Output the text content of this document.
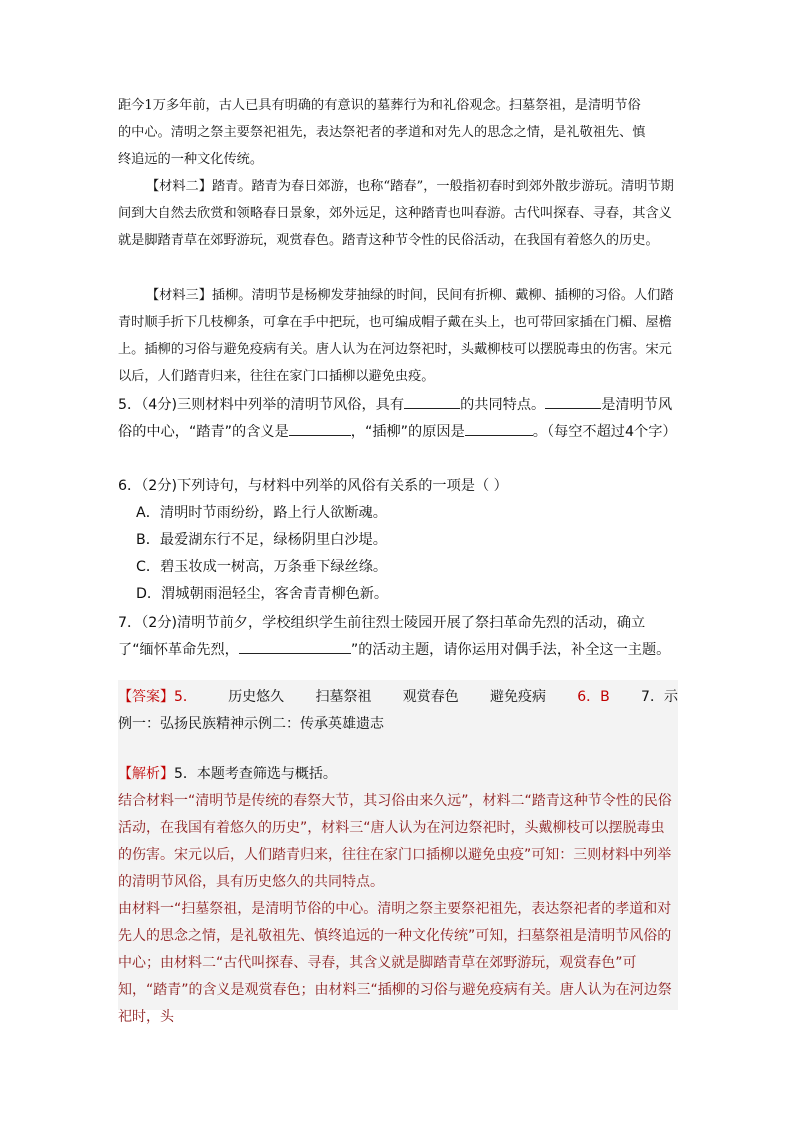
距今1万多年前，古人已具有明确的有意识的墓葬行为和礼俗观念。扫墓祭祖，是清明节俗

的中心。清明之祭主要祭祀祖先，表达祭祀者的孝道和对先人的思念之情，是礼敬祖先、慎

终追远的一种文化传统。

【材料二】踏青。踏青为春日郊游，也称“踏春”，一般指初春时到郊外散步游玩。清明节期间到大自然去欣赏和领略春日景象，郊外远足，这种踏青也叫春游。古代叫探春、寻春，其含义就是脚踏青草在郊野游玩，观赏春色。踏青这种节令性的民俗活动，在我国有着悠久的历史。

【材料三】插柳。清明节是杨柳发芽抽绿的时间，民间有折柳、戴柳、插柳的习俗。人们踏青时顺手折下几枝柳条，可拿在手中把玩，也可编成帽子戴在头上，也可带回家插在门楣、屋檐上。插柳的习俗与避免疫病有关。唐人认为在河边祭祀时，头戴柳枝可以摆脱毒虫的伤害。宋元以后，人们踏青归来，往往在家门口插柳以避免虫疫。

5．（4分)三则材料中列举的清明节风俗，具有	的共同特点。	是清明节风俗的中心，“踏青”的含义是	，“插柳”的原因是	。（每空不超过4个字）

6．（2分)下列诗句，与材料中列举的风俗有关系的一项是（ ）

A．清明时节雨纷纷，路上行人欲断魂。

B．最爱湖东行不足，绿杨阴里白沙堤。

C．碧玉妆成一树高，万条垂下绿丝绦。

D．渭城朝雨浥轻尘，客舍青青柳色新。

7．（2分)清明节前夕，学校组织学生前往烈士陵园开展了祭扫革命先烈的活动，确立了“缅怀革命先烈，	”的活动主题，请你运用对偶手法，补全这一主题。

【答案】5． 历史悠久 扫墓祭祖 观赏春色 避免疫病 6．B 7．示

例一：弘扬民族精神示例二：传承英雄遗志

【解析】5．本题考查筛选与概括。

结合材料一“清明节是传统的春祭大节，其习俗由来久远”，材料二“踏青这种节令性的民俗活动，在我国有着悠久的历史”，材料三“唐人认为在河边祭祀时，头戴柳枝可以摆脱毒虫的伤害。宋元以后，人们踏青归来，往往在家门口插柳以避免虫疫”可知：三则材料中列举的清明节风俗，具有历史悠久的共同特点。

由材料一“扫墓祭祖，是清明节俗的中心。清明之祭主要祭祀祖先，表达祭祀者的孝道和对先人的思念之情，是礼敬祖先、慎终追远的一种文化传统”可知，扫墓祭祖是清明节风俗的中心；由材料二“古代叫探春、寻春，其含义就是脚踏青草在郊野游玩，观赏春色”可知，“踏青”的含义是观赏春色；由材料三“插柳的习俗与避免疫病有关。唐人认为在河边祭祀时，头
